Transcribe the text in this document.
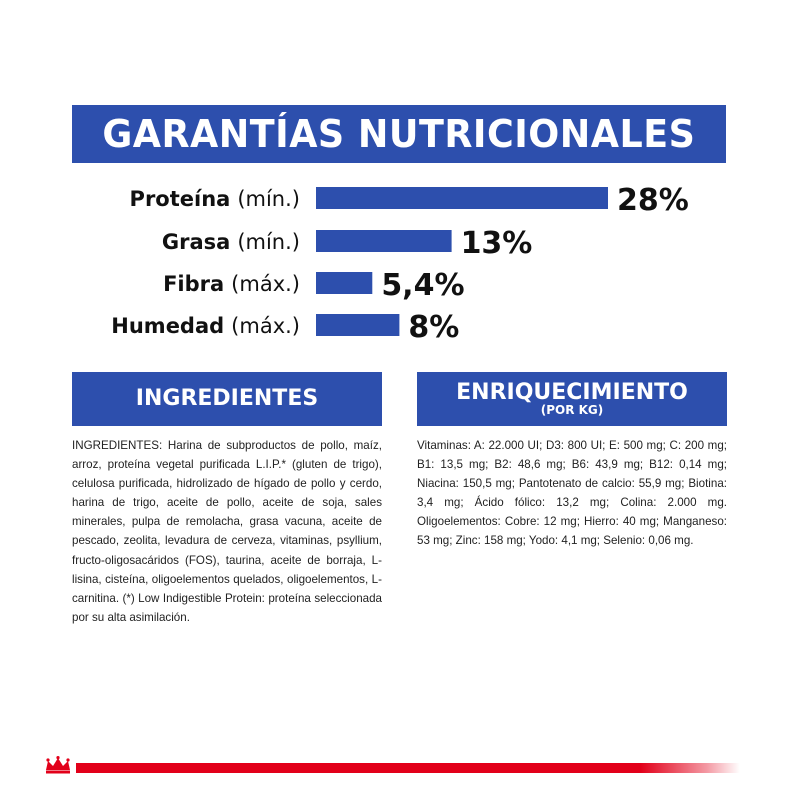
GARANTÍAS NUTRICIONALES
Proteína (mín.)	28%
Grasa (mín.)	13%
Fibra (máx.)	5,4%
Humedad (máx.)	8%
INGREDIENTES
INGREDIENTES: Harina de subproductos de pollo, maíz, arroz, proteína vegetal purificada L.I.P.* (gluten de trigo), celulosa purificada, hidrolizado de hígado de pollo y cerdo, harina de trigo, aceite de pollo, aceite de soja, sales minerales, pulpa de remolacha, grasa vacuna, aceite de pescado, zeolita, levadura de cerveza, vitaminas, psyllium, fructo-oligosacáridos (FOS), taurina, aceite de borraja, L-lisina, cisteína, oligoelementos quelados, oligoelementos, L-carnitina. (*) Low Indigestible Protein: proteína seleccionada por su alta asimilación.
ENRIQUECIMIENTO
(POR KG)
Vitaminas: A: 22.000 UI; D3: 800 UI; E: 500 mg; C: 200 mg; B1: 13,5 mg; B2: 48,6 mg; B6: 43,9 mg; B12: 0,14 mg; Niacina: 150,5 mg; Pantotenato de calcio: 55,9 mg; Biotina: 3,4 mg; Ácido fólico: 13,2 mg; Colina: 2.000 mg. Oligoelementos: Cobre: 12 mg; Hierro: 40 mg; Manganeso: 53 mg; Zinc: 158 mg; Yodo: 4,1 mg; Selenio: 0,06 mg.
